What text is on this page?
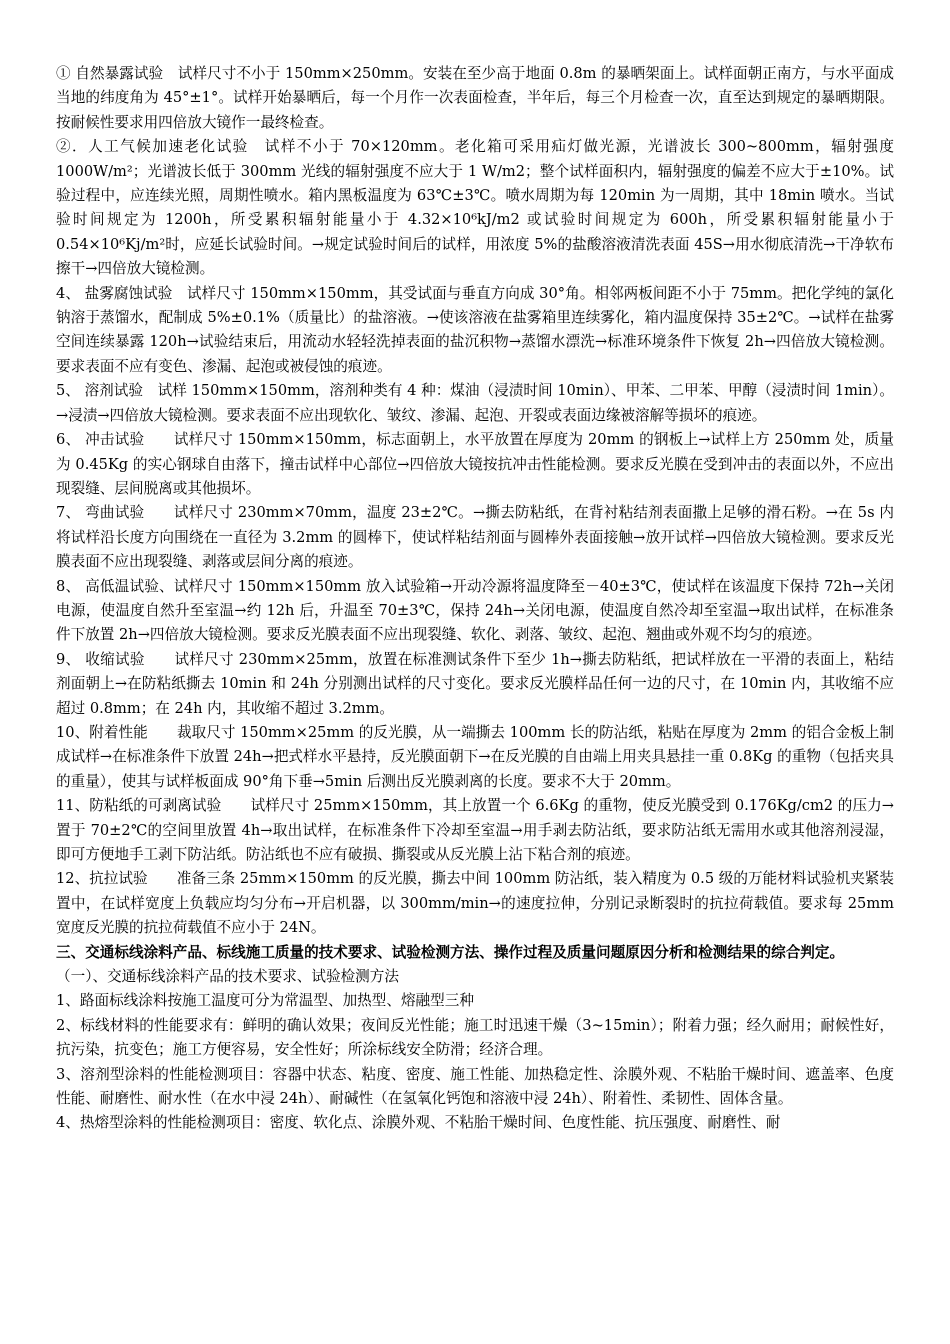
① 自然暴露试验　试样尺寸不小于 150mm×250mm。安装在至少高于地面 0.8m 的暴晒架面上。试样面朝正南方，与水平面成当地的纬度角为 45°±1°。试样开始暴晒后，每一个月作一次表面检查，半年后，每三个月检查一次，直至达到规定的暴晒期限。按耐候性要求用四倍放大镜作一最终检查。

②．人工气候加速老化试验　试样不小于 70×120mm。老化箱可采用疝灯做光源，光谱波长 300~800mm，辐射强度 1000W/m²；光谱波长低于 300mm 光线的辐射强度不应大于 1 W/m2；整个试样面积内，辐射强度的偏差不应大于±10%。试验过程中，应连续光照，周期性喷水。箱内黑板温度为 63℃±3℃。喷水周期为每 120min 为一周期，其中 18min 喷水。当试验时间规定为 1200h，所受累积辐射能量小于 4.32×10⁶kJ/m2 或试验时间规定为 600h，所受累积辐射能量小于 0.54×10⁶Kj/m²时，应延长试验时间。→规定试验时间后的试样，用浓度 5%的盐酸溶液清洗表面 45S→用水彻底清洗→干净软布擦干→四倍放大镜检测。

4、 盐雾腐蚀试验　试样尺寸 150mm×150mm，其受试面与垂直方向成 30°角。相邻两板间距不小于 75mm。把化学纯的氯化钠溶于蒸馏水，配制成 5%±0.1%（质量比）的盐溶液。→使该溶液在盐雾箱里连续雾化，箱内温度保持 35±2℃。→试样在盐雾空间连续暴露 120h→试验结束后，用流动水轻轻洗掉表面的盐沉积物→蒸馏水漂洗→标准环境条件下恢复 2h→四倍放大镜检测。要求表面不应有变色、渗漏、起泡或被侵蚀的痕迹。

5、 溶剂试验　试样 150mm×150mm，溶剂种类有 4 种：煤油（浸渍时间 10min）、甲苯、二甲苯、甲醇（浸渍时间 1min）。→浸渍→四倍放大镜检测。要求表面不应出现软化、皱纹、渗漏、起泡、开裂或表面边缘被溶解等损坏的痕迹。

6、 冲击试验　　试样尺寸 150mm×150mm，标志面朝上，水平放置在厚度为 20mm 的钢板上→试样上方 250mm 处，质量为 0.45Kg 的实心钢球自由落下，撞击试样中心部位→四倍放大镜按抗冲击性能检测。要求反光膜在受到冲击的表面以外，不应出现裂缝、层间脱离或其他损坏。

7、 弯曲试验　　试样尺寸 230mm×70mm，温度 23±2℃。→撕去防粘纸，在背衬粘结剂表面撒上足够的滑石粉。→在 5s 内将试样沿长度方向围绕在一直径为 3.2mm 的圆棒下，使试样粘结剂面与圆棒外表面接触→放开试样→四倍放大镜检测。要求反光膜表面不应出现裂缝、剥落或层间分离的痕迹。

8、 高低温试验、试样尺寸 150mm×150mm 放入试验箱→开动冷源将温度降至－40±3℃，使试样在该温度下保持 72h→关闭电源，使温度自然升至室温→约 12h 后，升温至 70±3℃，保持 24h→关闭电源，使温度自然冷却至室温→取出试样，在标准条件下放置 2h→四倍放大镜检测。要求反光膜表面不应出现裂缝、软化、剥落、皱纹、起泡、翘曲或外观不均匀的痕迹。

9、 收缩试验　　试样尺寸 230mm×25mm，放置在标准测试条件下至少 1h→撕去防粘纸，把试样放在一平滑的表面上，粘结剂面朝上→在防粘纸撕去 10min 和 24h 分别测出试样的尺寸变化。要求反光膜样品任何一边的尺寸，在 10min 内，其收缩不应超过 0.8mm；在 24h 内，其收缩不超过 3.2mm。

10、附着性能　　裁取尺寸 150mm×25mm 的反光膜，从一端撕去 100mm 长的防沾纸，粘贴在厚度为 2mm 的铝合金板上制成试样→在标准条件下放置 24h→把式样水平悬持，反光膜面朝下→在反光膜的自由端上用夹具悬挂一重 0.8Kg 的重物（包括夹具的重量），使其与试样板面成 90°角下垂→5min 后测出反光膜剥离的长度。要求不大于 20mm。

11、防粘纸的可剥离试验　　试样尺寸 25mm×150mm，其上放置一个 6.6Kg 的重物，使反光膜受到 0.176Kg/cm2 的压力→置于 70±2℃的空间里放置 4h→取出试样，在标准条件下冷却至室温→用手剥去防沾纸，要求防沾纸无需用水或其他溶剂浸湿，即可方便地手工剥下防沾纸。防沾纸也不应有破损、撕裂或从反光膜上沾下粘合剂的痕迹。

12、抗拉试验　　准备三条 25mm×150mm 的反光膜，撕去中间 100mm 防沾纸，装入精度为 0.5 级的万能材料试验机夹紧装置中，在试样宽度上负载应均匀分布→开启机器，以 300mm/min→的速度拉伸，分别记录断裂时的抗拉荷载值。要求每 25mm 宽度反光膜的抗拉荷载值不应小于 24N。

三、交通标线涂料产品、标线施工质量的技术要求、试验检测方法、操作过程及质量问题原因分析和检测结果的综合判定。

（一）、交通标线涂料产品的技术要求、试验检测方法

1、路面标线涂料按施工温度可分为常温型、加热型、熔融型三种

2、标线材料的性能要求有：鲜明的确认效果；夜间反光性能；施工时迅速干燥（3~15min）；附着力强；经久耐用；耐候性好，抗污染，抗变色；施工方便容易，安全性好；所涂标线安全防滑；经济合理。

3、溶剂型涂料的性能检测项目：容器中状态、粘度、密度、施工性能、加热稳定性、涂膜外观、不粘胎干燥时间、遮盖率、色度性能、耐磨性、耐水性（在水中浸 24h）、耐碱性（在氢氧化钙饱和溶液中浸 24h）、附着性、柔韧性、固体含量。

4、热熔型涂料的性能检测项目：密度、软化点、涂膜外观、不粘胎干燥时间、色度性能、抗压强度、耐磨性、耐
